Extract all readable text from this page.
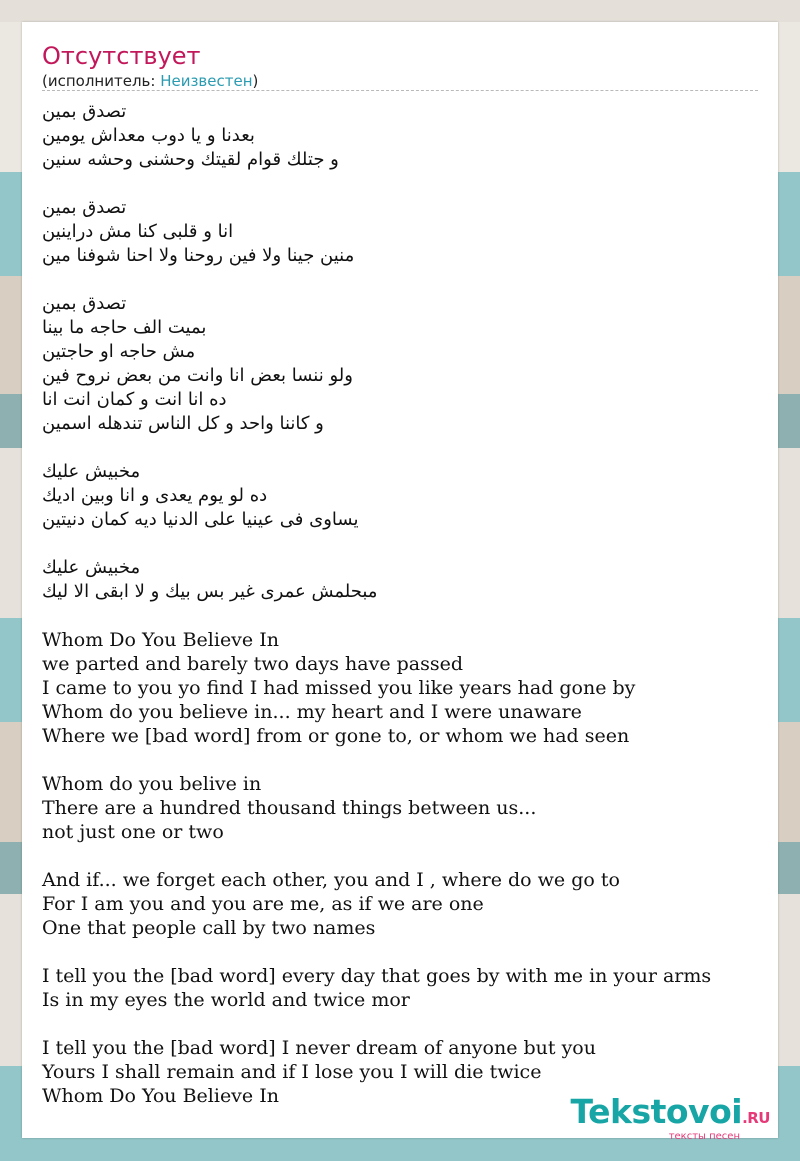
Отсутствует
(исполнитель: Неизвестен)
تصدق بمين
بعدنا و يا دوب معداش يومين
و جتلك قوام لقيتك وحشنى وحشه سنين
تصدق بمين
انا و قلبى كنا مش دراينين
منين جينا ولا فين روحنا ولا احنا شوفنا مين
تصدق بمين
بميت الف حاجه ما بينا
مش حاجه او حاجتين
ولو ننسا بعض انا وانت من بعض نروح فين
ده انا انت و كمان انت انا
و كاننا واحد و كل الناس تندهله اسمين
مخبيش عليك
ده لو يوم يعدى و انا وبين اديك
يساوى فى عينيا على الدنيا ديه كمان دنيتين
مخبيش عليك
مبحلمش عمرى غير بس بيك و لا ابقى الا ليك
Whom Do You Believe In
we parted and barely two days have passed
I came to you yo find I had missed you like years had gone by
Whom do you believe in... my heart and I were unaware
Where we [bad word] from or gone to, or whom we had seen
Whom do you belive in
There are a hundred thousand things between us...
not just one or two
And if... we forget each other, you and I , where do we go to
For I am you and you are me, as if we are one
One that people call by two names
I tell you the [bad word] every day that goes by with me in your arms
Is in my eyes the world and twice mor
I tell you the [bad word] I never dream of anyone but you
Yours I shall remain and if I lose you I will die twice
Whom Do You Believe In	Tekstovoi.RU
тексты песен
